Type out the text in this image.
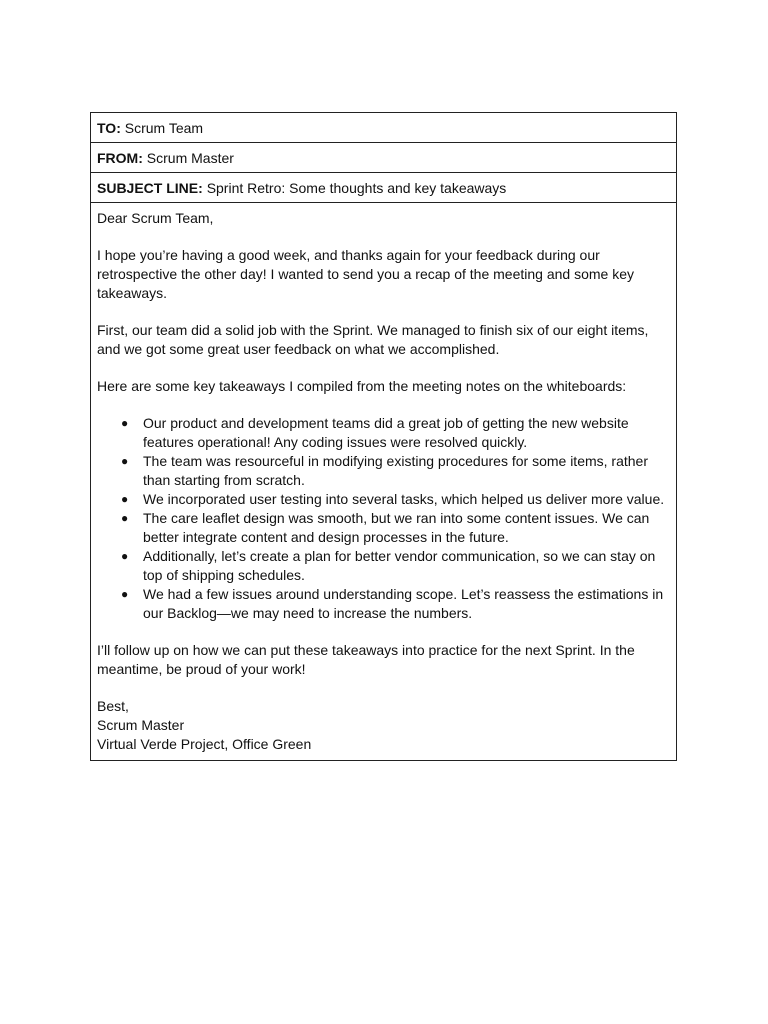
TO: Scrum Team
FROM: Scrum Master
SUBJECT LINE: Sprint Retro: Some thoughts and key takeaways

Dear Scrum Team,

I hope you’re having a good week, and thanks again for your feedback during our retrospective the other day! I wanted to send you a recap of the meeting and some key takeaways.

First, our team did a solid job with the Sprint. We managed to finish six of our eight items, and we got some great user feedback on what we accomplished.

Here are some key takeaways I compiled from the meeting notes on the whiteboards:

● Our product and development teams did a great job of getting the new website features operational! Any coding issues were resolved quickly.
● The team was resourceful in modifying existing procedures for some items, rather than starting from scratch.
● We incorporated user testing into several tasks, which helped us deliver more value.
● The care leaflet design was smooth, but we ran into some content issues. We can better integrate content and design processes in the future.
● Additionally, let’s create a plan for better vendor communication, so we can stay on top of shipping schedules.
● We had a few issues around understanding scope. Let’s reassess the estimations in our Backlog—we may need to increase the numbers.

I’ll follow up on how we can put these takeaways into practice for the next Sprint. In the meantime, be proud of your work!

Best,
Scrum Master
Virtual Verde Project, Office Green
